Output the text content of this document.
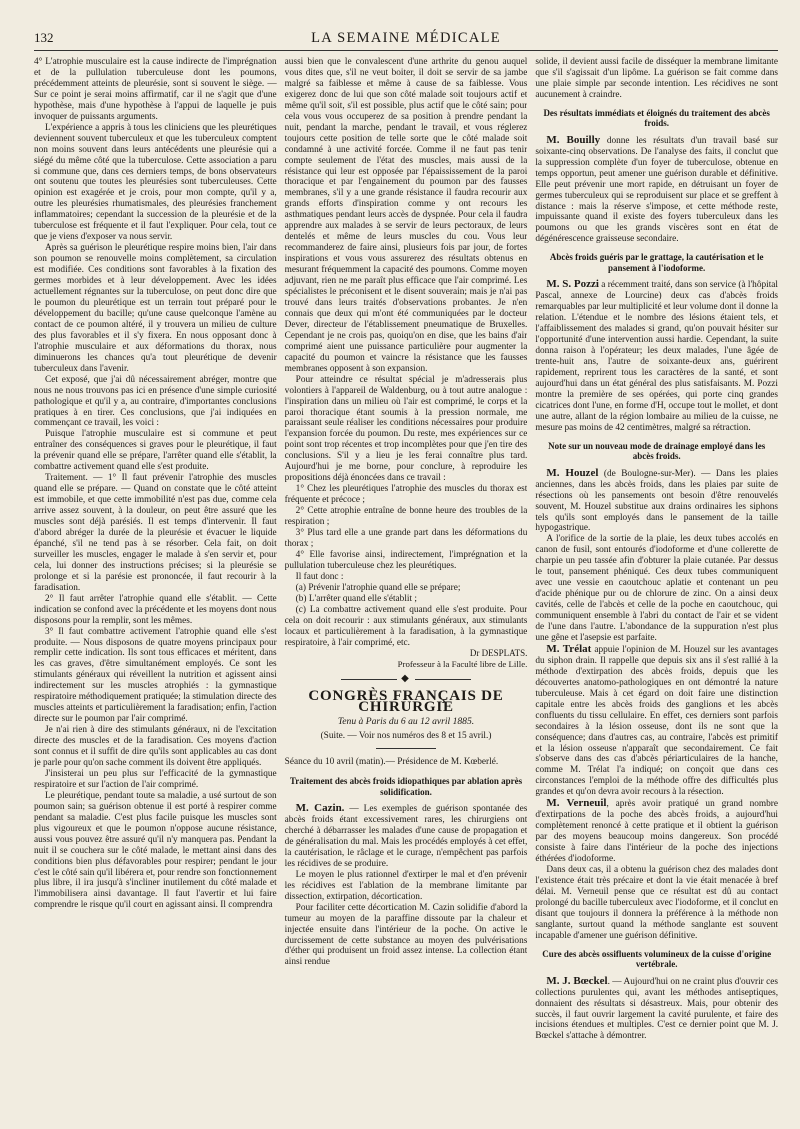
132	LA SEMAINE MÉDICALE

4° L'atrophie musculaire est la cause indirecte de l'imprégnation et de la pullulation tuberculeuse dont les poumons, précédemment atteints de pleurésie, sont si souvent le siège. — Sur ce point je serai moins affirmatif, car il ne s'agit que d'une hypothèse, mais d'une hypothèse à l'appui de laquelle je puis invoquer de puissants arguments.

L'expérience a appris à tous les cliniciens que les pleurétiques deviennent souvent tuberculeux et que les tuberculeux comptent non moins souvent dans leurs antécédents une pleurésie qui a siégé du même côté que la tuberculose. Cette association a paru si commune que, dans ces derniers temps, de bons observateurs ont soutenu que toutes les pleurésies sont tuberculeuses. Cette opinion est exagérée et je crois, pour mon compte, qu'il y a, outre les pleurésies rhumatismales, des pleurésies franchement inflammatoires; cependant la succession de la pleurésie et de la tuberculose est fréquente et il faut l'expliquer. Pour cela, tout ce que je viens d'exposer va nous servir.

Après sa guérison le pleurétique respire moins bien, l'air dans son poumon se renouvelle moins complètement, sa circulation est modifiée. Ces conditions sont favorables à la fixation des germes morbides et à leur développement. Avec les idées actuellement régnantes sur la tuberculose, on peut donc dire que le poumon du pleurétique est un terrain tout préparé pour le développement du bacille; qu'une cause quelconque l'amène au contact de ce poumon altéré, il y trouvera un milieu de culture des plus favorables et il s'y fixera. En nous opposant donc à l'atrophie musculaire et aux déformations du thorax, nous diminuerons les chances qu'a tout pleurétique de devenir tuberculeux dans l'avenir.

Cet exposé, que j'ai dû nécessairement abréger, montre que nous ne nous trouvons pas ici en présence d'une simple curiosité pathologique et qu'il y a, au contraire, d'importantes conclusions pratiques à en tirer. Ces conclusions, que j'ai indiquées en commençant ce travail, les voici :

Puisque l'atrophie musculaire est si commune et peut entraîner des conséquences si graves pour le pleurétique, il faut la prévenir quand elle se prépare, l'arrêter quand elle s'établit, la combattre activement quand elle s'est produite.

Traitement. — 1° Il faut prévenir l'atrophie des muscles quand elle se prépare. — Quand on constate que le côté atteint est immobile, et que cette immobilité n'est pas due, comme cela arrive assez souvent, à la douleur, on peut être assuré que les muscles sont déjà parésiés. Il est temps d'intervenir. Il faut d'abord abréger la durée de la pleurésie et évacuer le liquide épanché, s'il ne tend pas à se résorber. Cela fait, on doit surveiller les muscles, engager le malade à s'en servir et, pour cela, lui donner des instructions précises; si la pleurésie se prolonge et si la parésie est prononcée, il faut recourir à la faradisation.

2° Il faut arrêter l'atrophie quand elle s'établit. — Cette indication se confond avec la précédente et les moyens dont nous disposons pour la remplir, sont les mêmes.

3° Il faut combattre activement l'atrophie quand elle s'est produite. — Nous disposons de quatre moyens principaux pour remplir cette indication. Ils sont tous efficaces et méritent, dans les cas graves, d'être simultanément employés. Ce sont les stimulants généraux qui réveillent la nutrition et agissent ainsi indirectement sur les muscles atrophiés : la gymnastique respiratoire méthodiquement pratiquée; la stimulation directe des muscles atteints et particulièrement la faradisation; enfin, l'action directe sur le poumon par l'air comprimé.

Je n'ai rien à dire des stimulants généraux, ni de l'excitation directe des muscles et de la faradisation. Ces moyens d'action sont connus et il suffit de dire qu'ils sont applicables au cas dont je parle pour qu'on sache comment ils doivent être appliqués.

J'insisterai un peu plus sur l'efficacité de la gymnastique respiratoire et sur l'action de l'air comprimé.

Le pleurétique, pendant toute sa maladie, a usé surtout de son poumon sain; sa guérison obtenue il est porté à respirer comme pendant sa maladie. C'est plus facile puisque les muscles sont plus vigoureux et que le poumon n'oppose aucune résistance, aussi vous pouvez être assuré qu'il n'y manquera pas. Pendant la nuit il se couchera sur le côté malade, le mettant ainsi dans des conditions bien plus défavorables pour respirer; pendant le jour c'est le côté sain qu'il libérera et, pour rendre son fonctionnement plus libre, il ira jusqu'à s'incliner inutilement du côté malade et l'immobilisera ainsi davantage. Il faut l'avertir et lui faire comprendre le risque qu'il court en agissant ainsi. Il comprendra

aussi bien que le convalescent d'une arthrite du genou auquel vous dites que, s'il ne veut boiter, il doit se servir de sa jambe malgré sa faiblesse et même à cause de sa faiblesse. Vous exigerez donc de lui que son côté malade soit toujours actif et même qu'il soit, s'il est possible, plus actif que le côté sain; pour cela vous vous occuperez de sa position à prendre pendant la nuit, pendant la marche, pendant le travail, et vous réglerez toujours cette position de telle sorte que le côté malade soit condamné à une activité forcée. Comme il ne faut pas tenir compte seulement de l'état des muscles, mais aussi de la résistance qui leur est opposée par l'épaississement de la paroi thoracique et par l'engainement du poumon par des fausses membranes, s'il y a une grande résistance il faudra recourir aux grands efforts d'inspiration comme y ont recours les asthmatiques pendant leurs accès de dyspnée. Pour cela il faudra apprendre aux malades à se servir de leurs pectoraux, de leurs dentelés et même de leurs muscles du cou. Vous leur recommanderez de faire ainsi, plusieurs fois par jour, de fortes inspirations et vous vous assurerez des résultats obtenus en mesurant fréquemment la capacité des poumons. Comme moyen adjuvant, rien ne me paraît plus efficace que l'air comprimé. Les spécialistes le préconisent et le disent souverain; mais je n'ai pas trouvé dans leurs traités d'observations probantes. Je n'en connais que deux qui m'ont été communiquées par le docteur Dever, directeur de l'établissement pneumatique de Bruxelles. Cependant je ne crois pas, quoiqu'on en dise, que les bains d'air comprimé aient une puissance particulière pour augmenter la capacité du poumon et vaincre la résistance que les fausses membranes opposent à son expansion.

Pour atteindre ce résultat spécial je m'adresserais plus volontiers à l'appareil de Waldenburg, ou à tout autre analogue : l'inspiration dans un milieu où l'air est comprimé, le corps et la paroi thoracique étant soumis à la pression normale, me paraissant seule réaliser les conditions nécessaires pour produire l'expansion forcée du poumon. Du reste, mes expériences sur ce point sont trop récentes et trop incomplètes pour que j'en tire des conclusions. S'il y a lieu je les ferai connaître plus tard. Aujourd'hui je me borne, pour conclure, à reproduire les propositions déjà énoncées dans ce travail :

1° Chez les pleurétiques l'atrophie des muscles du thorax est fréquente et précoce ;

2° Cette atrophie entraîne de bonne heure des troubles de la respiration ;

3° Plus tard elle a une grande part dans les déformations du thorax ;

4° Elle favorise ainsi, indirectement, l'imprégnation et la pullulation tuberculeuse chez les pleurétiques.

Il faut donc :

(a) Prévenir l'atrophie quand elle se prépare;

(b) L'arrêter quand elle s'établit ;

(c) La combattre activement quand elle s'est produite. Pour cela on doit recourir : aux stimulants généraux, aux stimulants locaux et particulièrement à la faradisation, à la gymnastique respiratoire, à l'air comprimé, etc.

Dr DESPLATS.
Professeur à la Faculté libre de Lille.
◆
CONGRÈS FRANÇAIS DE CHIRURGIE
Tenu à Paris du 6 au 12 avril 1885.
(Suite. — Voir nos numéros des 8 et 15 avril.)

Séance du 10 avril (matin).— Présidence de M. Kœberlé.

Traitement des abcès froids idiopathiques par ablation après solidification.

M. Cazin. — Les exemples de guérison spontanée des abcès froids étant excessivement rares, les chirurgiens ont cherché à débarrasser les malades d'une cause de propagation et de généralisation du mal. Mais les procédés employés à cet effet, la cautérisation, le râclage et le curage, n'empêchent pas parfois les récidives de se produire.

Le moyen le plus rationnel d'extirper le mal et d'en prévenir les récidives est l'ablation de la membrane limitante par dissection, extirpation, décortication.

Pour faciliter cette décortication M. Cazin solidifie d'abord la tumeur au moyen de la paraffine dissoute par la chaleur et injectée ensuite dans l'intérieur de la poche. On active le durcissement de cette substance au moyen des pulvérisations d'éther qui produisent un froid assez intense. La collection étant ainsi rendue

solide, il devient aussi facile de disséquer la membrane limitante que s'il s'agissait d'un lipôme. La guérison se fait comme dans une plaie simple par seconde intention. Les récidives ne sont aucunement à craindre.

Des résultats immédiats et éloignés du traitement des abcès froids.

M. Bouilly donne les résultats d'un travail basé sur soixante-cinq observations. De l'analyse des faits, il conclut que la suppression complète d'un foyer de tuberculose, obtenue en temps opportun, peut amener une guérison durable et définitive. Elle peut prévenir une mort rapide, en détruisant un foyer de germes tuberculeux qui se reproduisent sur place et se greffent à distance : mais la réserve s'impose, et cette méthode reste, impuissante quand il existe des foyers tuberculeux dans les poumons ou que les grands viscères sont en état de dégénérescence graisseuse secondaire.

Abcès froids guéris par le grattage, la cautérisation et le pansement à l'iodoforme.

M. S. Pozzi a récemment traité, dans son service (à l'hôpital Pascal, annexe de Lourcine) deux cas d'abcès froids remarquables par leur multiplicité et leur volume dont il donne la relation. L'étendue et le nombre des lésions étaient tels, et l'affaiblissement des malades si grand, qu'on pouvait hésiter sur l'opportunité d'une intervention aussi hardie. Cependant, la suite donna raison à l'opérateur; les deux malades, l'une âgée de trente-huit ans, l'autre de soixante-deux ans, guérirent rapidement, reprirent tous les caractères de la santé, et sont aujourd'hui dans un état général des plus satisfaisants. M. Pozzi montre la première de ses opérées, qui porte cinq grandes cicatrices dont l'une, en forme d'H, occupe tout le mollet, et dont une autre, allant de la région lombaire au milieu de la cuisse, ne mesure pas moins de 42 centimètres, malgré sa rétraction.

Note sur un nouveau mode de drainage employé dans les abcès froids.

M. Houzel (de Boulogne-sur-Mer). — Dans les plaies anciennes, dans les abcès froids, dans les plaies par suite de résections où les pansements ont besoin d'être renouvelés souvent, M. Houzel substitue aux drains ordinaires les siphons tels qu'ils sont employés dans le pansement de la taille hypogastrique.

A l'orifice de la sortie de la plaie, les deux tubes accolés en canon de fusil, sont entourés d'iodoforme et d'une collerette de charpie un peu tassée afin d'obturer la plaie cutanée. Par dessus le tout, pansement phéniqué. Ces deux tubes communiquent avec une vessie en caoutchouc aplatie et contenant un peu d'acide phénique pur ou de chlorure de zinc. On a ainsi deux cavités, celle de l'abcès et celle de la poche en caoutchouc, qui communiquent ensemble à l'abri du contact de l'air et se vident de l'une dans l'autre. L'abondance de la suppuration n'est plus une gêne et l'asepsie est parfaite.

M. Trélat appuie l'opinion de M. Houzel sur les avantages du siphon drain. Il rappelle que depuis six ans il s'est rallié à la méthode d'extirpation des abcès froids, depuis que les découvertes anatomo-pathologiques en ont démontré la nature tuberculeuse. Mais à cet égard on doit faire une distinction capitale entre les abcès froids des ganglions et les abcès confluents du tissu cellulaire. En effet, ces derniers sont parfois secondaires à la lésion osseuse, dont ils ne sont que la conséquence; dans d'autres cas, au contraire, l'abcès est primitif et la lésion osseuse n'apparaît que secondairement. Ce fait s'observe dans des cas d'abcès périarticulaires de la hanche, comme M. Trélat l'a indiqué; on conçoit que dans ces circonstances l'emploi de la méthode offre des difficultés plus grandes et qu'on devra avoir recours à la résection.

M. Verneuil, après avoir pratiqué un grand nombre d'extirpations de la poche des abcès froids, a aujourd'hui complètement renoncé à cette pratique et il obtient la guérison par des moyens beaucoup moins dangereux. Son procédé consiste à faire dans l'intérieur de la poche des injections éthérées d'iodoforme.

Dans deux cas, il a obtenu la guérison chez des malades dont l'existence était très précaire et dont la vie était menacée à bref délai. M. Verneuil pense que ce résultat est dû au contact prolongé du bacille tuberculeux avec l'iodoforme, et il conclut en disant que toujours il donnera la préférence à la méthode non sanglante, surtout quand la méthode sanglante est souvent incapable d'amener une guérison définitive.

Cure des abcès ossifluents volumineux de la cuisse d'origine vertébrale.

M. J. Bœckel. — Aujourd'hui on ne craint plus d'ouvrir ces collections purulentes qui, avant les méthodes antiseptiques, donnaient des résultats si désastreux. Mais, pour obtenir des succès, il faut ouvrir largement la cavité purulente, et faire des incisions étendues et multiples. C'est ce dernier point que M. J. Bœckel s'attache à démontrer.
